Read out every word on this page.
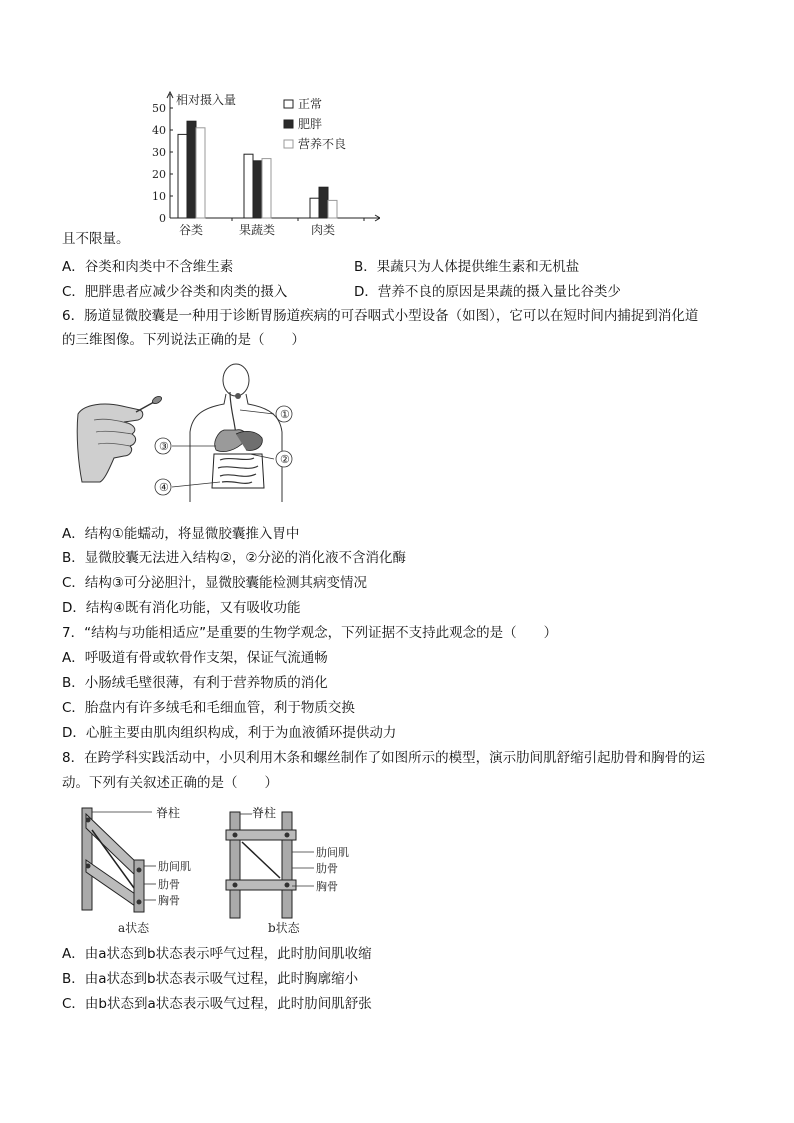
0
10
20
30
40
50
相对摄入量
谷类	果蔬类	肉类
正常
肥胖
营养不良
且不限量。
A．谷类和肉类中不含维生素	B．果蔬只为人体提供维生素和无机盐
C．肥胖患者应减少谷类和肉类的摄入	D．营养不良的原因是果蔬的摄入量比谷类少
6．肠道显微胶囊是一种用于诊断胃肠道疾病的可吞咽式小型设备（如图），它可以在短时间内捕捉到消化道
的三维图像。下列说法正确的是（　　）
①
②
③
④
A．结构①能蠕动，将显微胶囊推入胃中
B．显微胶囊无法进入结构②，②分泌的消化液不含消化酶
C．结构③可分泌胆汁，显微胶囊能检测其病变情况
D．结构④既有消化功能，又有吸收功能
7．“结构与功能相适应”是重要的生物学观念，下列证据不支持此观念的是（　　）
A．呼吸道有骨或软骨作支架，保证气流通畅
B．小肠绒毛壁很薄，有利于营养物质的消化
C．胎盘内有许多绒毛和毛细血管，利于物质交换
D．心脏主要由肌肉组织构成，利于为血液循环提供动力
8．在跨学科实践活动中，小贝利用木条和螺丝制作了如图所示的模型，演示肋间肌舒缩引起肋骨和胸骨的运
动。下列有关叙述正确的是（　　）
脊柱
肋间肌
肋骨
胸骨
a状态
脊柱
肋间肌
肋骨
胸骨
b状态
A．由a状态到b状态表示呼气过程，此时肋间肌收缩
B．由a状态到b状态表示吸气过程，此时胸廓缩小
C．由b状态到a状态表示吸气过程，此时肋间肌舒张
